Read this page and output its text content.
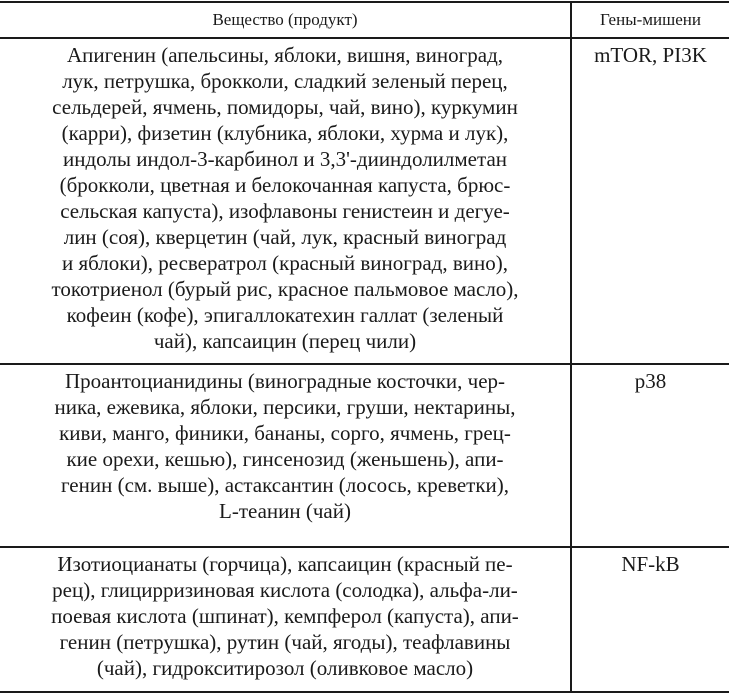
Вещество (продукт)	Гены-мишени

Апигенин (апельсины, яблоки, вишня, виноград,
лук, петрушка, брокколи, сладкий зеленый перец,
сельдерей, ячмень, помидоры, чай, вино), куркумин
(карри), физетин (клубника, яблоки, хурма и лук),
индолы индол-3-карбинол и 3,3'-дииндолилметан
(брокколи, цветная и белокочанная капуста, брюс-
сельская капуста), изофлавоны генистеин и дегуе-
лин (соя), кверцетин (чай, лук, красный виноград
и яблоки), ресвератрол (красный виноград, вино),
токотриенол (бурый рис, красное пальмовое масло),
кофеин (кофе), эпигаллокатехин галлат (зеленый
чай), капсаицин (перец чили)
	mTOR, PI3K

Проантоцианидины (виноградные косточки, чер-
ника, ежевика, яблоки, персики, груши, нектарины,
киви, манго, финики, бананы, сорго, ячмень, грец-
кие орехи, кешью), гинсенозид (женьшень), апи-
генин (см. выше), астаксантин (лосось, креветки),
L-теанин (чай)
	p38

Изотиоцианаты (горчица), капсаицин (красный пе-
рец), глицирризиновая кислота (солодка), альфа-ли-
поевая кислота (шпинат), кемпферол (капуста), апи-
генин (петрушка), рутин (чай, ягоды), теафлавины
(чай), гидрокситирозол (оливковое масло)	NF-kB
